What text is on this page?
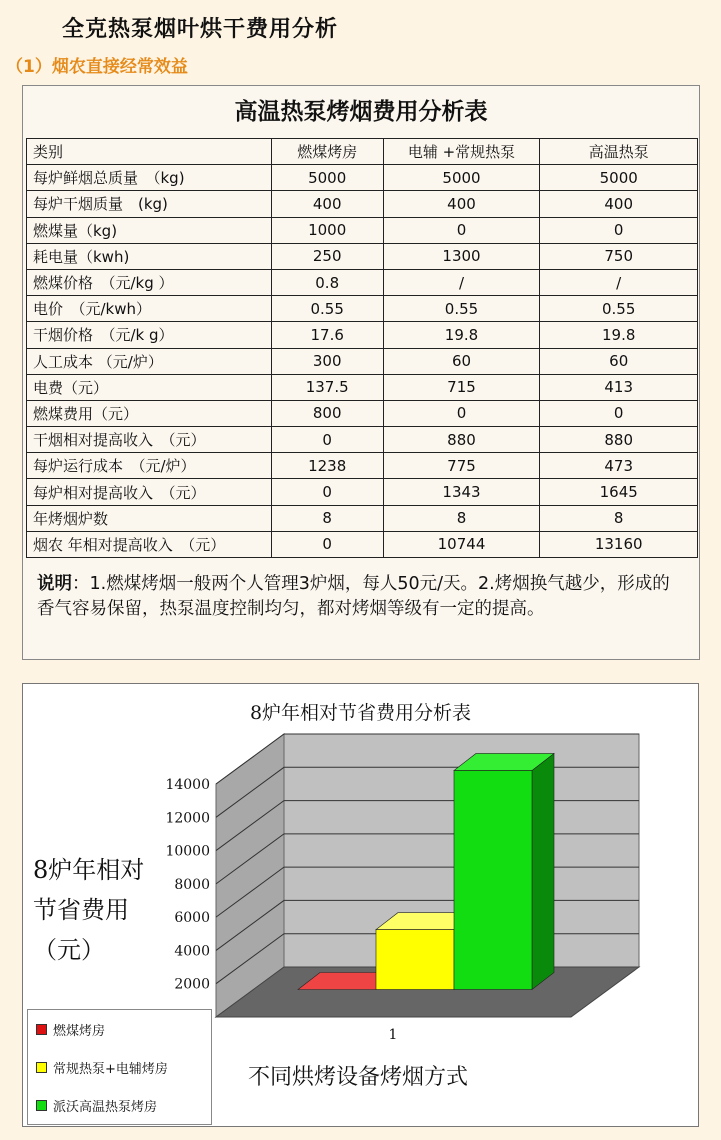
全克热泵烟叶烘干费用分析
（1）烟农直接经常效益
高温热泵烤烟费用分析表
类别	燃煤烤房	电辅 +常规热泵	高温热泵
每炉鲜烟总质量　（kg)	5000	5000	5000
每炉干烟质量　(kg)	400	400	400
燃煤量（kg)	1000	0	0
耗电量（kwh)	250	1300	750
燃煤价格　（元/kg ）	0.8	/	/
电价　（元/kwh）	0.55	0.55	0.55
干烟价格　（元/k g）	17.6	19.8	19.8
人工成本 （元/炉）	300	60	60
电费（元）	137.5	715	413
燃煤费用（元）	800	0	0
干烟相对提高收入　（元）	0	880	880
每炉运行成本　（元/炉）	1238	775	473
每炉相对提高收入　（元）	0	1343	1645
年烤烟炉数	8	8	8
烟农 年相对提高收入　（元）	0	10744	13160
说明：1.燃煤烤烟一般两个人管理3炉烟，每人50元/天。2.烤烟换气越少，形成的香气容易保留，热泵温度控制均匀，都对烤烟等级有一定的提高。
8炉年相对节省费用分析表
2000
4000
6000
8000
10000
12000
14000
1
8炉年相对节省费用（元）
不同烘烤设备烤烟方式
燃煤烤房
常规热泵+电辅烤房
派沃高温热泵烤房
